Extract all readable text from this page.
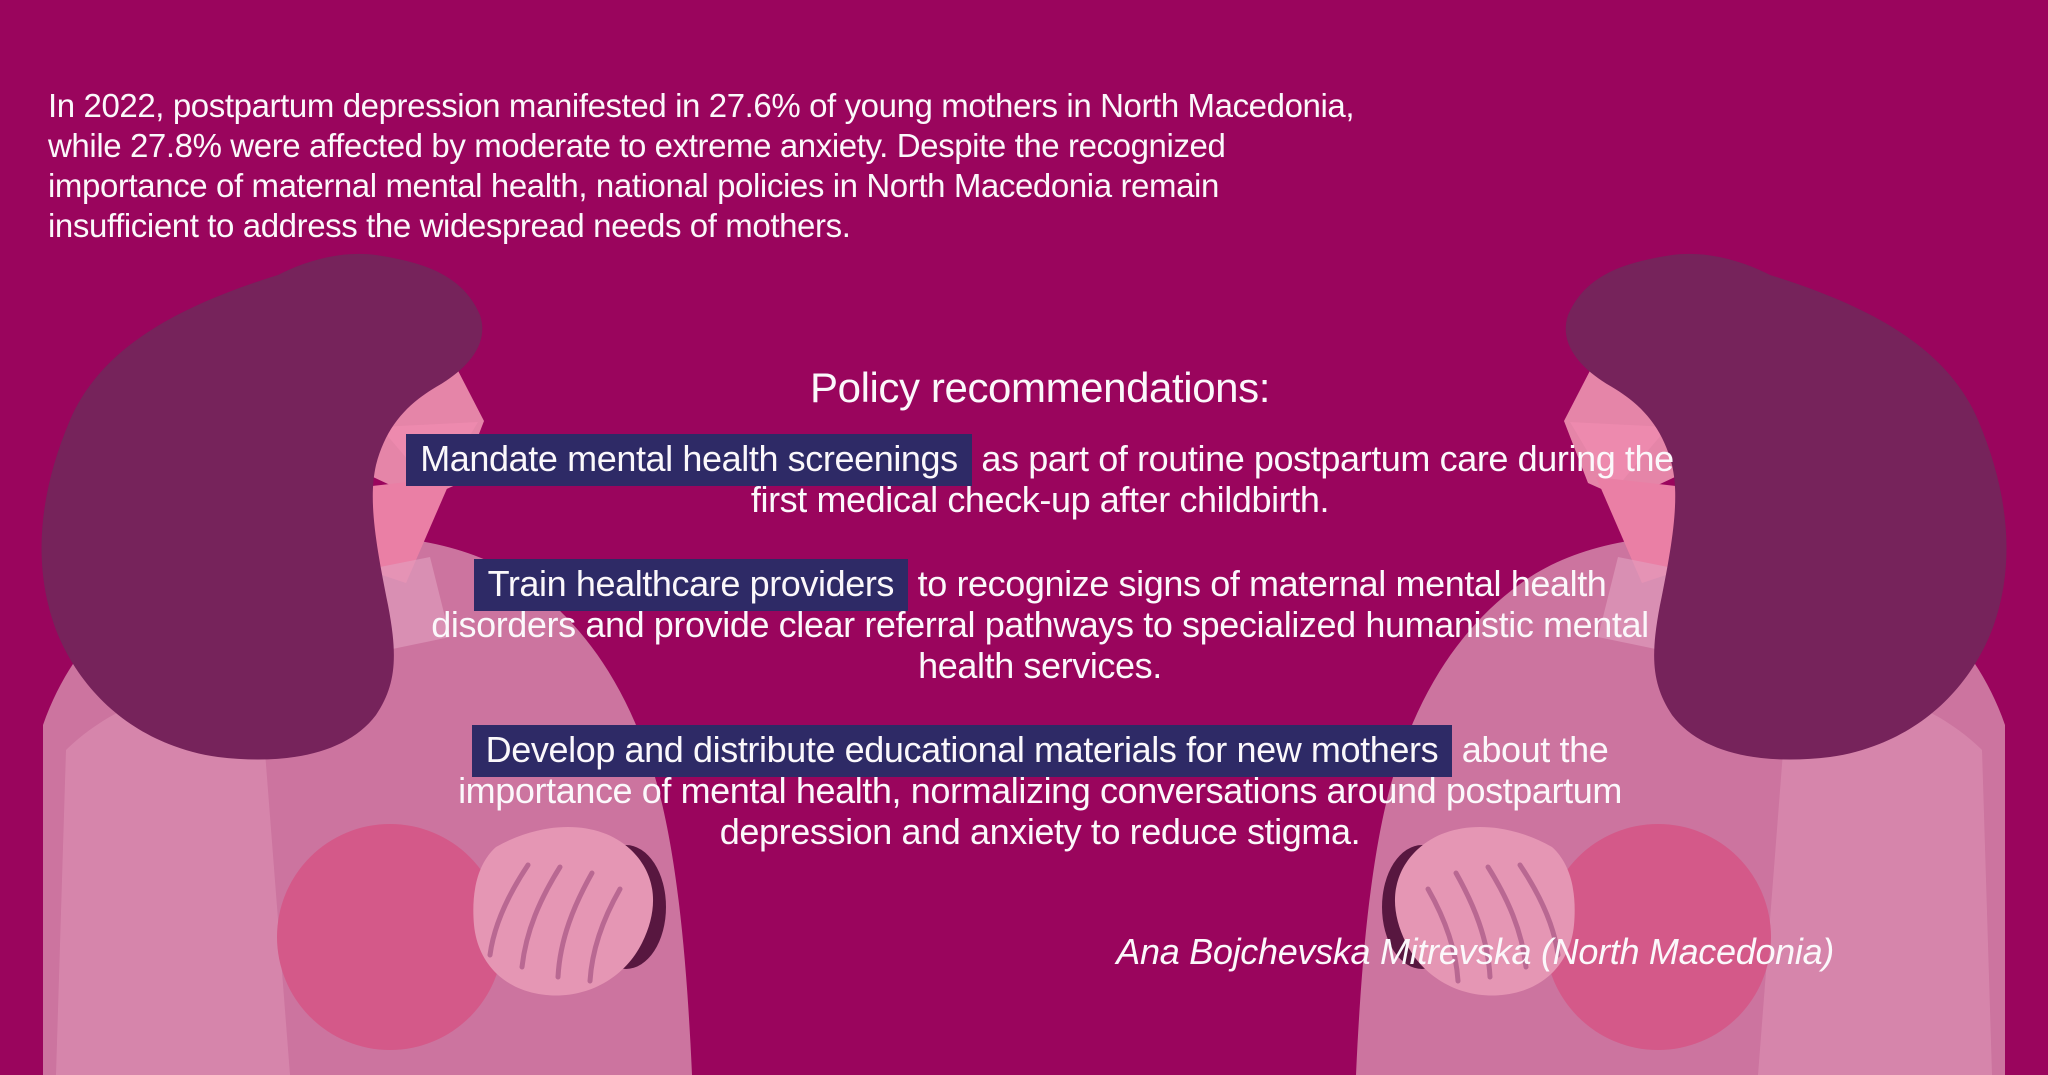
In 2022, postpartum depression manifested in 27.6% of young mothers in North Macedonia,
while 27.8% were affected by moderate to extreme anxiety. Despite the recognized
importance of maternal mental health, national policies in North Macedonia remain
insufficient to address the widespread needs of mothers.
Policy recommendations:
Mandate mental health screenings as part of routine postpartum care during the
first medical check-up after childbirth.
Train healthcare providers to recognize signs of maternal mental health
disorders and provide clear referral pathways to specialized humanistic mental
health services.
Develop and distribute educational materials for new mothers about the
importance of mental health, normalizing conversations around postpartum
depression and anxiety to reduce stigma.
Ana Bojchevska Mitrevska (North Macedonia)
